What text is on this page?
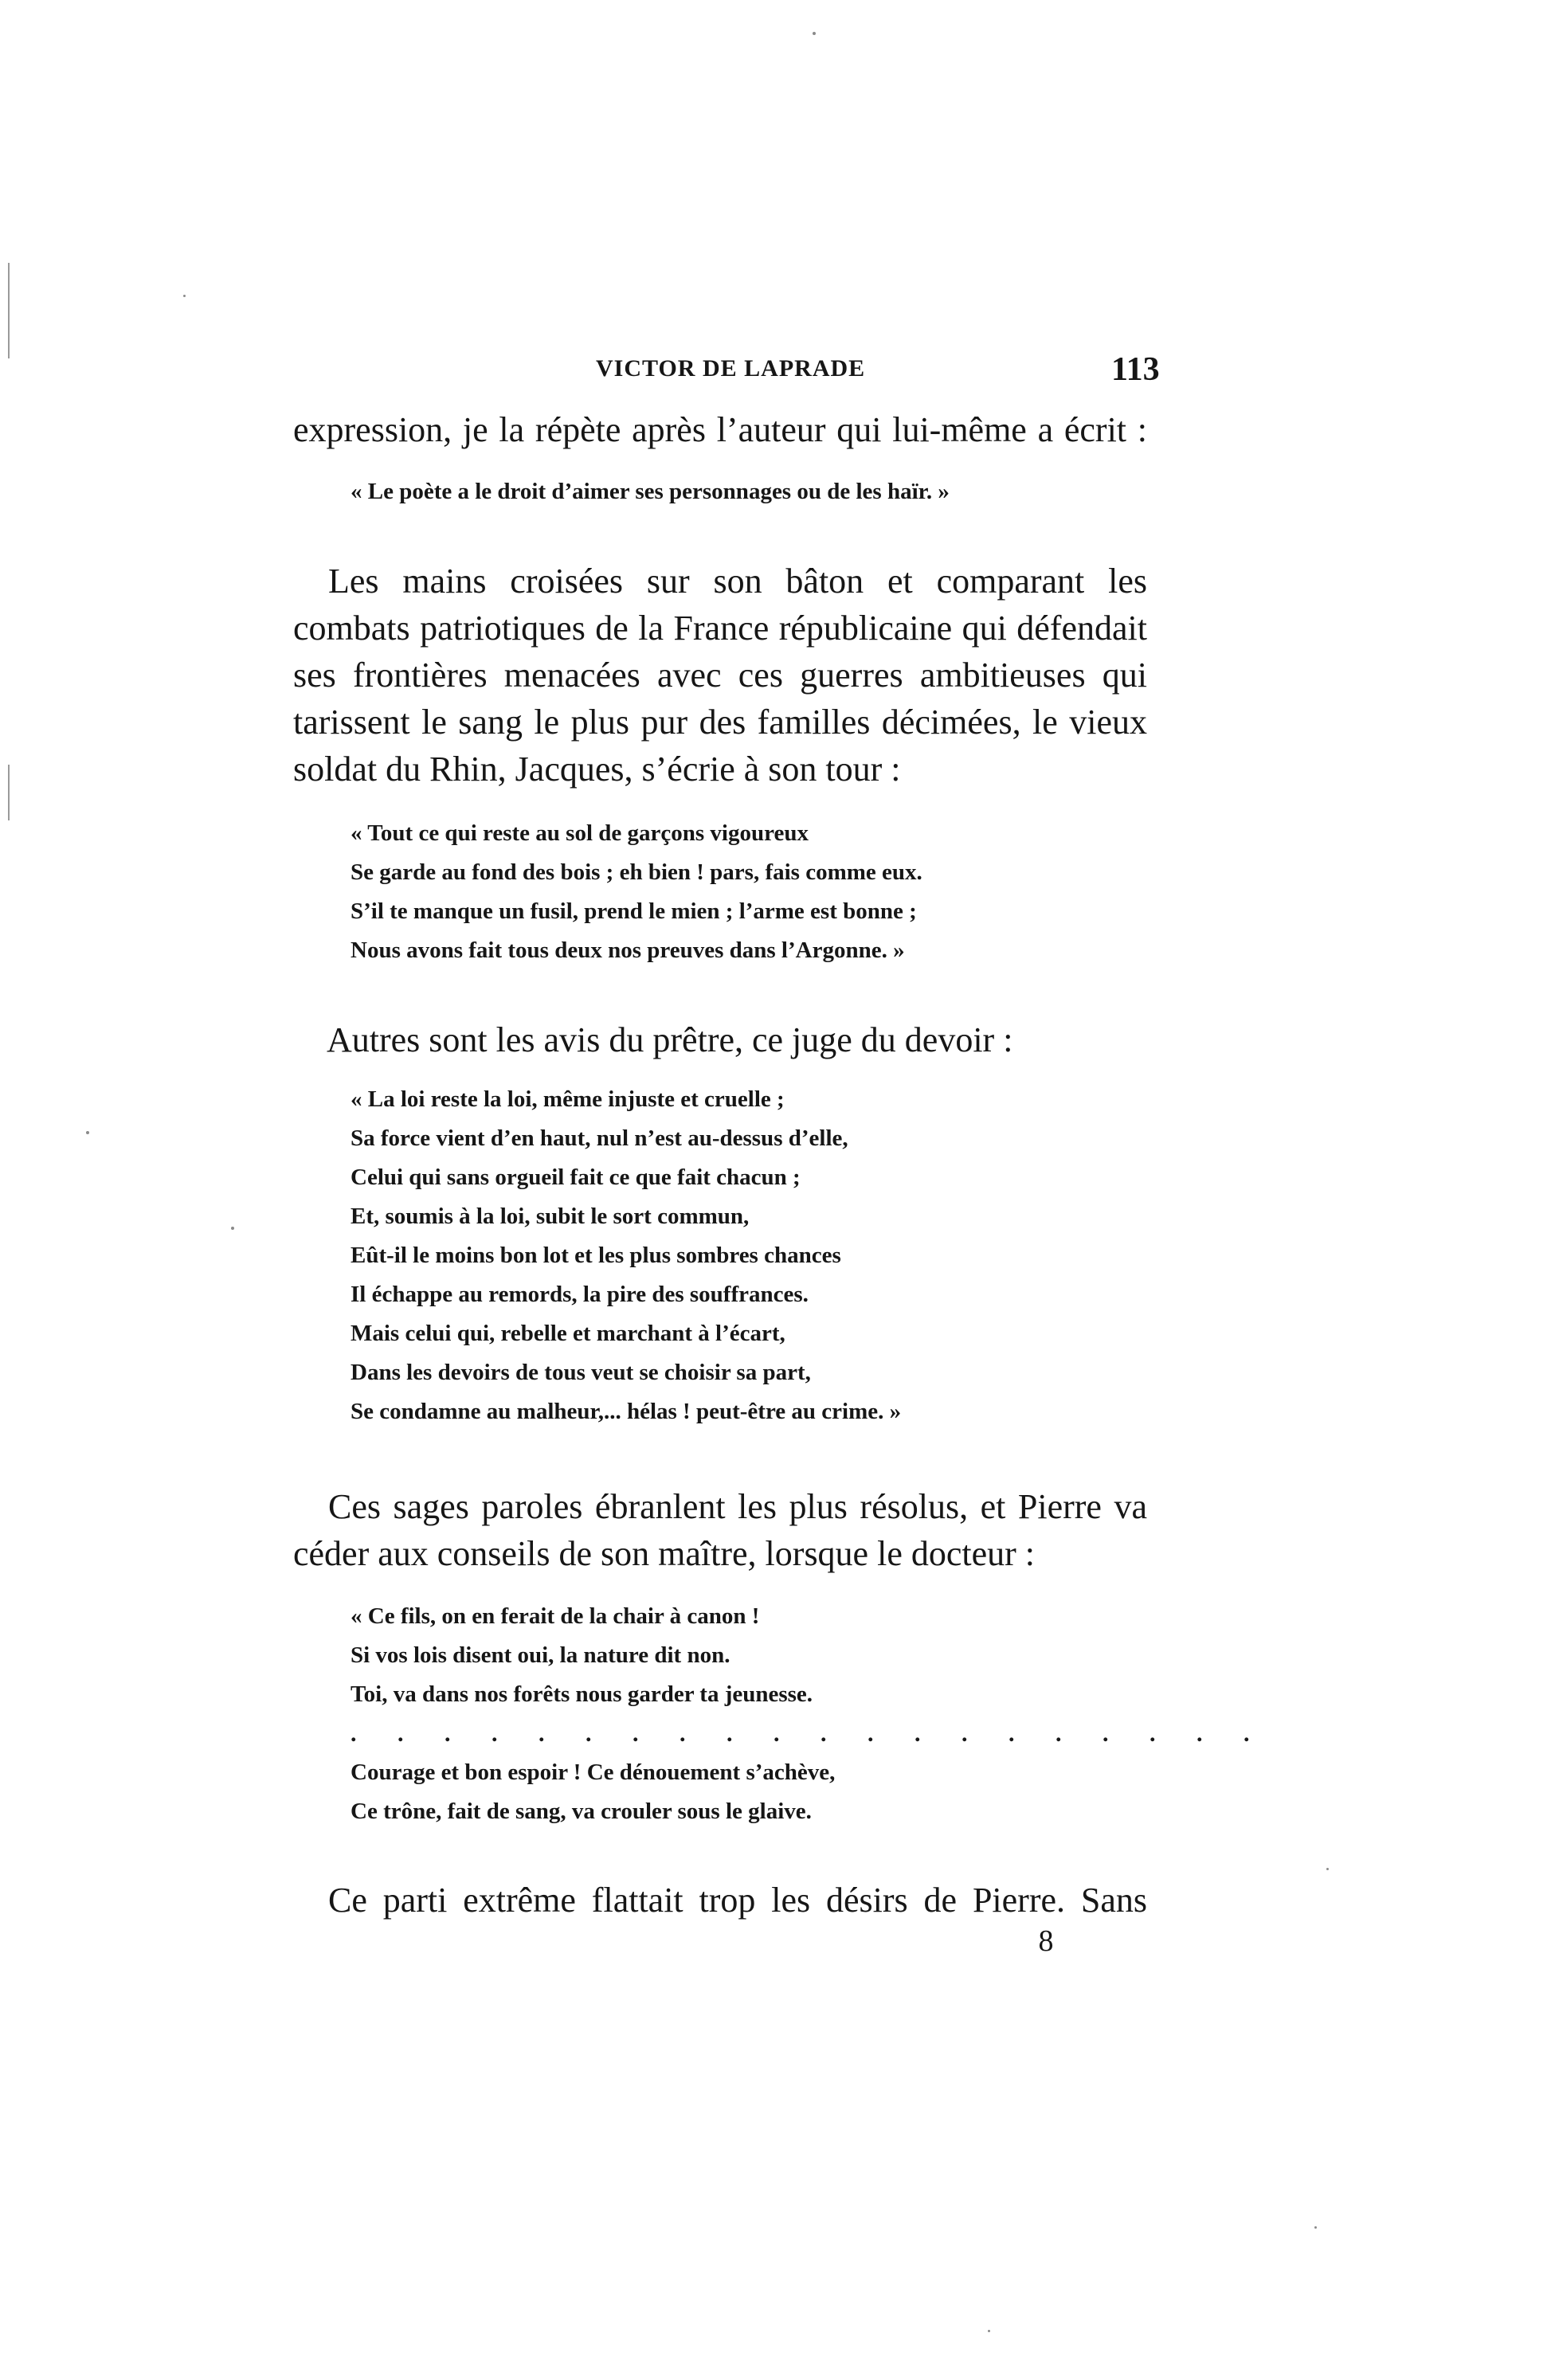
VICTOR DE LAPRADE	113
expression, je la répète après l’auteur qui lui-même a écrit :
« Le poète a le droit d’aimer ses personnages ou de les haïr. »
Les mains croisées sur son bâton et comparant les combats patriotiques de la France républicaine qui défendait ses frontières menacées avec ces guerres ambitieuses qui tarissent le sang le plus pur des familles décimées, le vieux soldat du Rhin, Jacques, s’écrie à son tour :
« Tout ce qui reste au sol de garçons vigoureux
Se garde au fond des bois ; eh bien ! pars, fais comme eux.
S’il te manque un fusil, prend le mien ; l’arme est bonne ;
Nous avons fait tous deux nos preuves dans l’Argonne. »
Autres sont les avis du prêtre, ce juge du devoir :
« La loi reste la loi, même injuste et cruelle ;
Sa force vient d’en haut, nul n’est au-dessus d’elle,
Celui qui sans orgueil fait ce que fait chacun ;
Et, soumis à la loi, subit le sort commun,
Eût-il le moins bon lot et les plus sombres chances
Il échappe au remords, la pire des souffrances.
Mais celui qui, rebelle et marchant à l’écart,
Dans les devoirs de tous veut se choisir sa part,
Se condamne au malheur,... hélas ! peut-être au crime. »
Ces sages paroles ébranlent les plus résolus, et Pierre va céder aux conseils de son maître, lorsque le docteur :
« Ce fils, on en ferait de la chair à canon !
Si vos lois disent oui, la nature dit non.
Toi, va dans nos forêts nous garder ta jeunesse.
. . . . . . . . . . . . . . . . . . . .
Courage et bon espoir ! Ce dénouement s’achève,
Ce trône, fait de sang, va crouler sous le glaive.
Ce parti extrême flattait trop les désirs de Pierre. Sans
8
